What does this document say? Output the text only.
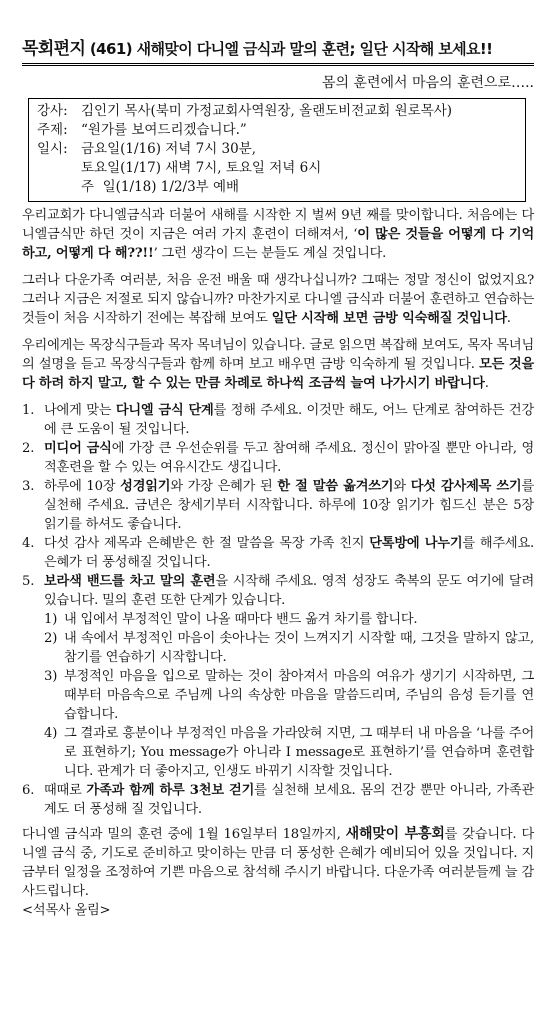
목회편지 (461) 새해맞이 다니엘 금식과 말의 훈련; 일단 시작해 보세요!!
몸의 훈련에서 마음의 훈련으로…..
강사: 김인기 목사(북미 가정교회사역원장, 올랜도비전교회 원로목사)
주제: “원가를 보여드리겠습니다.”
일시: 금요일(1/16) 저녁 7시 30분,
토요일(1/17) 새벽 7시, 토요일 저녁 6시
주  일(1/18) 1/2/3부 예배

우리교회가 다니엘금식과 더불어 새해를 시작한 지 벌써 9년 째를 맞이합니다. 처음에는 다니엘금식만 하던 것이 지금은 여러 가지 훈련이 더해져서, ‘이 많은 것들을 어떻게 다 기억하고, 어떻게 다 해??!!’ 그런 생각이 드는 분들도 계실 것입니다.

그러나 다운가족 여러분, 처음 운전 배울 때 생각나십니까? 그때는 정말 정신이 없었지요? 그러나 지금은 저절로 되지 않습니까? 마찬가지로 다니엘 금식과 더불어 훈련하고 연습하는 것들이 처음 시작하기 전에는 복잡해 보여도 일단 시작해 보면 금방 익숙해질 것입니다.

우리에게는 목장식구들과 목자 목녀님이 있습니다. 글로 읽으면 복잡해 보여도, 목자 목녀님의 설명을 듣고 목장식구들과 함께 하며 보고 배우면 금방 익숙하게 될 것입니다. 모든 것을 다 하려 하지 말고, 할 수 있는 만큼 차례로 하나씩 조금씩 늘여 나가시기 바랍니다.

1. 나에게 맞는 다니엘 금식 단계를 정해 주세요. 이것만 해도, 어느 단계로 참여하든 건강에 큰 도움이 될 것입니다.
2. 미디어 금식에 가장 큰 우선순위를 두고 참여해 주세요. 정신이 맑아질 뿐만 아니라, 영적훈련을 할 수 있는 여유시간도 생깁니다.
3. 하루에 10장 성경읽기와 가장 은혜가 된 한 절 말씀 옮겨쓰기와 다섯 감사제목 쓰기를 실천해 주세요. 금년은 창세기부터 시작합니다. 하루에 10장 읽기가 힘드신 분은 5장 읽기를 하셔도 좋습니다.
4. 다섯 감사 제목과 은혜받은 한 절 말씀을 목장 가족 친지 단톡방에 나누기를 해주세요. 은혜가 더 풍성해질 것입니다.
5. 보라색 밴드를 차고 말의 훈련을 시작해 주세요. 영적 성장도 축복의 문도 여기에 달려 있습니다. 밀의 훈련 또한 단계가 있습니다.
1) 내 입에서 부정적인 말이 나올 때마다 밴드 옮겨 차기를 합니다.
2) 내 속에서 부정적인 마음이 솟아나는 것이 느껴지기 시작할 때, 그것을 말하지 않고, 참기를 연습하기 시작합니다.
3) 부정적인 마음을 입으로 말하는 것이 참아져서 마음의 여유가 생기기 시작하면, 그때부터 마음속으로 주님께 나의 속상한 마음을 말씀드리며, 주님의 음성 듣기를 연습합니다.
4) 그 결과로 흥분이나 부정적인 마음을 가라앉혀 지면, 그 때부터 내 마음을 ‘나를 주어로 표현하기; You message가 아니라 I message로 표현하기’를 연습하며 훈련합니다. 관계가 더 좋아지고, 인생도 바뀌기 시작할 것입니다.
6. 때때로 가족과 함께 하루 3천보 걷기를 실천해 보세요. 몸의 건강 뿐만 아니라, 가족관계도 더 풍성해 질 것입니다.

다니엘 금식과 밀의 훈련 중에 1월 16일부터 18일까지, 새해맞이 부흥회를 갖습니다. 다니엘 금식 중, 기도로 준비하고 맞이하는 만큼 더 풍성한 은혜가 예비되어 있을 것입니다. 지금부터 일정을 조정하여 기쁜 마음으로 참석해 주시기 바랍니다. 다운가족 여러분들께 늘 감사드립니다.
<석목사 올림>
